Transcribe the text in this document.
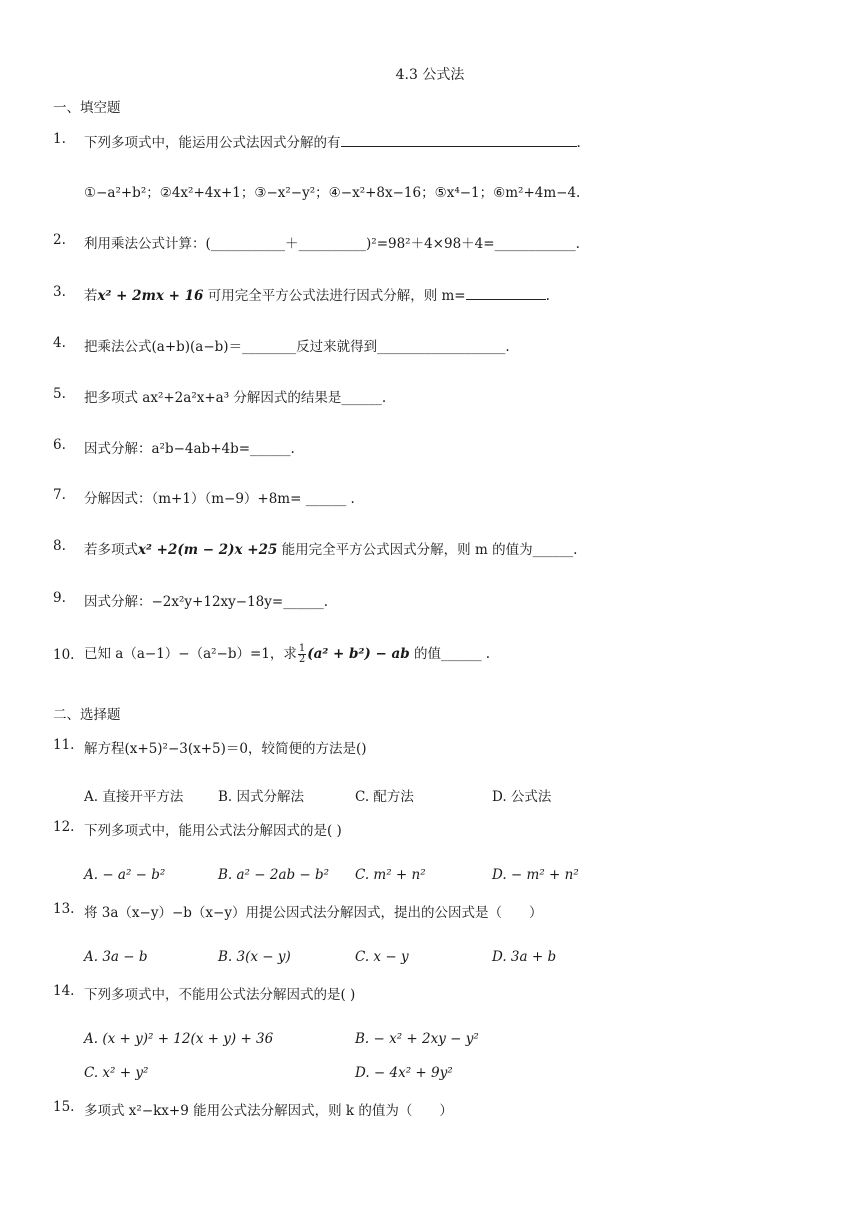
4.3 公式法
一、填空题
1. 下列多项式中，能运用公式法因式分解的有	.
①−a²+b²；②4x²+4x+1；③−x²−y²；④−x²+8x−16；⑤x⁴−1；⑥m²+4m−4.
2. 利用乘法公式计算：(___________＋__________)²=98²＋4×98＋4=____________.
3. 若x² + 2mx + 16 可用完全平方公式法进行因式分解，则 m=	.
4. 把乘法公式(a+b)(a−b)＝________反过来就得到___________________.
5. 把多项式 ax²+2a²x+a³ 分解因式的结果是______.
6. 因式分解：a²b−4ab+4b=______.
7. 分解因式：（m+1）（m−9）+8m= ______ .
8. 若多项式x² +2(m − 2)x +25 能用完全平方公式因式分解，则 m 的值为______.
9. 因式分解：−2x²y+12xy−18y=______.
10. 已知 a（a−1）−（a²−b）=1，求 $\frac{1}{2} (a^2 + b^2)$ − ab 的值______ .
二、选择题
11. 解方程(x+5)²−3(x+5)＝0，较简便的方法是()
A. 直接开平方法	B. 因式分解法	C. 配方法	D. 公式法
12. 下列多项式中，能用公式法分解因式的是( )
A. − a² − b²	B. a² − 2ab − b² C. m² + n²	D. − m² + n²
13. 将 3a（x−y）−b（x−y）用提公因式法分解因式，提出的公因式是（　　）
A. 3a − b	B. 3(x − y)	C. x − y	D. 3a + b
14. 下列多项式中，不能用公式法分解因式的是( )
A. (x + y)² + 12(x + y) + 36	B. − x² + 2xy − y²
C. x² + y²	D. − 4x² + 9y²
15. 多项式 x²−kx+9 能用公式法分解因式，则 k 的值为（　　）
